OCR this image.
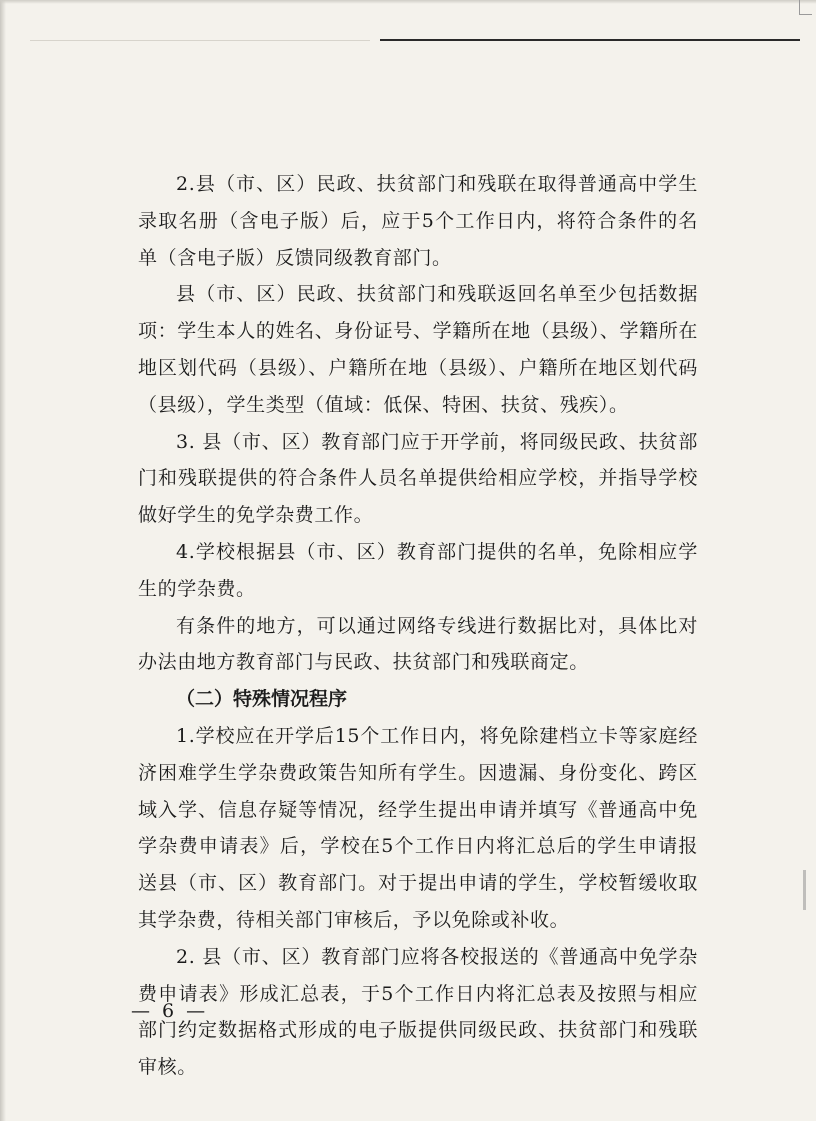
2.县（市、区）民政、扶贫部门和残联在取得普通高中学生录取名册（含电子版）后，应于5个工作日内，将符合条件的名单（含电子版）反馈同级教育部门。

县（市、区）民政、扶贫部门和残联返回名单至少包括数据项：学生本人的姓名、身份证号、学籍所在地（县级）、学籍所在地区划代码（县级）、户籍所在地（县级）、户籍所在地区划代码（县级），学生类型（值域：低保、特困、扶贫、残疾）。

3. 县（市、区）教育部门应于开学前，将同级民政、扶贫部门和残联提供的符合条件人员名单提供给相应学校，并指导学校做好学生的免学杂费工作。

4.学校根据县（市、区）教育部门提供的名单，免除相应学生的学杂费。

有条件的地方，可以通过网络专线进行数据比对，具体比对办法由地方教育部门与民政、扶贫部门和残联商定。

（二）特殊情况程序

1.学校应在开学后15个工作日内，将免除建档立卡等家庭经济困难学生学杂费政策告知所有学生。因遗漏、身份变化、跨区域入学、信息存疑等情况，经学生提出申请并填写《普通高中免学杂费申请表》后，学校在5个工作日内将汇总后的学生申请报送县（市、区）教育部门。对于提出申请的学生，学校暂缓收取其学杂费，待相关部门审核后，予以免除或补收。

2. 县（市、区）教育部门应将各校报送的《普通高中免学杂费申请表》形成汇总表，于5个工作日内将汇总表及按照与相应部门约定数据格式形成的电子版提供同级民政、扶贫部门和残联审核。

— 6 —
